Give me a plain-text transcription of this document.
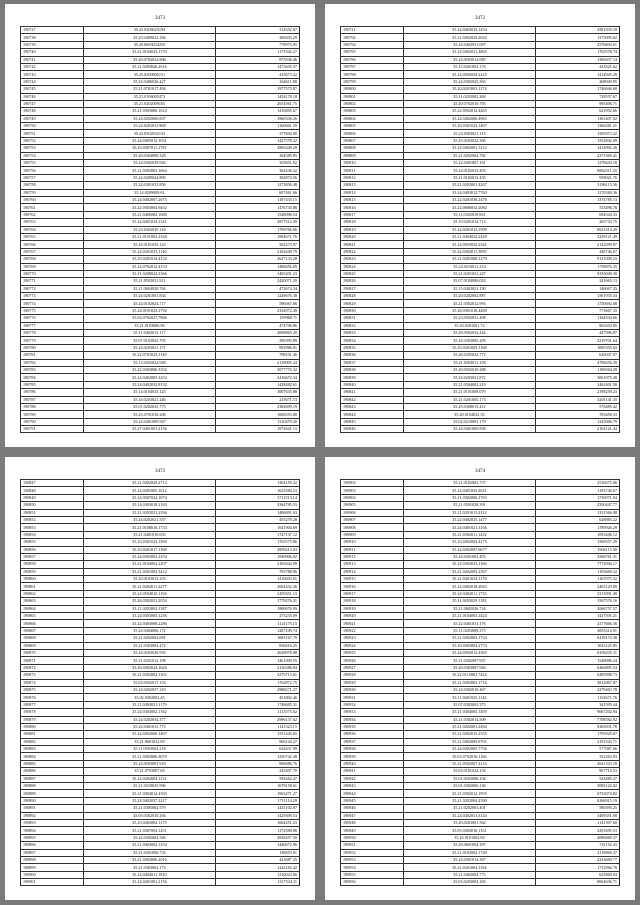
3473
190727	35.22.0206025194	314552.67
190738	35.25.0409022.356	369203.29
190739	35.20.0603034255	778975.95
190740	35.21.0104033.1753	1175342.27
190741	35.20.0702022.806	875536.46
190742	35.21.0203026.2616	1475635.37
190743	35.25.0209005151	435673.22
190744	35.24.0406026.427	264611.88
190745	35.21.0701017.494	1977575.87
190746	35.21.0106005473	1454178.18
190747	35.21.0202009165	2654561.75
190748	35.21.0303006.1614	1416695.67
190749	35.24.0202006.837	1960336.26
190750	35.22.0201011.968	1160661.39
190751	35.22.0302032133	377694.90
190752	35.24.0405012.1031	1427578.22
190753	35.23.0407011.2781	2865449.29
190754	35.20.0304008.328	304585.85
190755	35.24.0302029.926	355651.92
190756	35.21.0302003.1664	364436.22
190757	35.24.0209024.895	302874.56
190758	35.24.0301033.856	1273856.48
190759	35.14.0209009.61	607461.66
190760	35.24.0402007.2673	1187435.15
190761	35.22.0303004.9452	1476735.86
190762	35.21.0406002.1680	1548096.54
190763	35.24.0401034.1341	2877512.39
190764	35.23.0302010.116	1700766.66
190765	35.21.0101002.2328	1964671.76
190766	35.24.0101035.123	502273.97
190767	35.24.0201033.1140	2163440.79
190768	35.25.0201014.4132	2627133.28
190769	35.24.0702012.4153	1486656.69
190770	35.21.0208024.2366	1465201.23
190771	35.21.0502031.811	2420071.20
190772	35.21.0604020.764	472674.34
190773	35.24.0201001.834	1249676.38
190774	35.24.0102024.717	596567.66
190775	35.24.0101023.2792	2334972.49
190776	35.03.0702027.7866	159968.71
190777	35.21.0103006.96	474706.86
190778	35.11.0402013.117	2698865.20
190779	35.07.0103025.793	290395.89
190780	35.24.0203021.171	992986.81
190781	35.22.0701023.1149	798101.46
190782	35.13.0202022.928	2138905.24
190783	35.22.0303006.3352	3077770.32
190784	35.24.0402005.3254	2416672.34
190785	35.24.0402032.8132	1428482.61
190786	35.14.0104033.125	1007635.88
190787	35.24.0203021.246	215671.13
190788	35.01.0202035.775	2382699.19
190789	35.25.0701016.206	1006555.80
190790	35.24.0401009.947	1310479.20
190791	35.27.0401001.2156	1972641.13
3472
190721	35.24.0403033.1454	4581035.18
190792	35.21.0202025.2022	1375095.02
190794	35.24.0402031.097	2576694.61
190795	35.24.0402031.4865	1763578.74
190796	35.24.0503014.085	1309437.14
190797	35.15.0201002.176	443525.62
190798	35.24.0502034.2425	1414945.29
190799	35.24.0302025.363	268949.85
190800	35.20.0201003.1174	1746646.68
190801	35.11.0203002.268	728557.67
190802	35.20.0702010.795	995406.71
190803	35.22.0502012.4465	621952.66
190804	35.24.0402006.4963	1361407.02
190805	35.20.0301023.1467	1366281.21
190806	35.24.0303021.115	1505973.22
190807	35.25.0203022.366	1552842.09
190808	35.24.0402001.1212	1414992.26
190809	35.21.0202004.782	2375369.41
190810	35.22.0401007.161	1278443.18
190811	35.24.0102033.493	8862511.25
190812	35.21.0102012.435	958021.76
190813	35.21.0202001.4267	3186115.36
190814	35.24.0403012.7763	1270584.36
190815	35.22.0201030.2478	1374785.13
190816	35.22.0606032.2082	533496.76
190817	35.11.0302019.691	694544.33
190818	35.10.0201014.714	265733.75
190819	35.24.0201012.1999	8621414.29
190820	35.21.0404032.2428	2259121.49
190821	35.24.0503032.2341	2142599.97
190822	35.22.0302011.3095	448746.67
190823	35.21.0201008.2279	9121009.23
190824	35.24.0210011.233	1758976.35
190825	35.21.0201021.247	9335049.30
190826	35.07.0104006.024	241665.13
190827	35.15.0402021.130	146067.25
190828	35.20.0202002.887	1561935.34
190829	35.21.0502012.993	1750692.08
190830	35.26.0301010.4480	773667.33
190831	35.23.0502031.498	1164534.66
190832	35.23.0201001.72	963454.85
190833	35.26.0502032.442	447596.87
190834	35.24.0303005.295	2219701.64
190835	35.25.0201003.1168	1085355.63
190836	35.26.0205022.772	620047.97
190837	35.21.0203011.158	4796656.39
190838	35.20.0502010.288	1196564.28
190839	35.24.0203031.872	3061075.28
190840	35.21.0504002.219	2462401.58
190841	35.21.0101008.079	2198259.23
190842	35.21.0201005.173	3201141.35
190843	35.25.0308013.412	576485.42
190844	35.20.0104032.35	703458.33
190845	35.02.0210001.179	1245006.79
190846	35.24.0401009.858	2164121.44
3473
190847	35.21.0202025.2714	1364150.22
190848	35.24.0201005.1612	1625584.53
190849	35.24.0507024.1074	3711513.14
190850	35.14.0303018.2163	3364785.53
190851	35.21.0203021.2356	1486691.63
190852	35.24.0202021.557	455278.28
190853	35.21.0108010.1733	1641904.69
190854	35.21.0401010.693	1747137.12
190855	35.23.0301023.1594	1763575.86
190856	35.23.0201017.1168	4959213.03
190857	35.24.0303002.2254	1930906.02
190858	35.21.0104002.2207	2165444.09
190859	35.21.0201002.3412	703788.96
190860	35.20.0103013.235	1416603.01
190861	35.21.0202011.2277	2664432.26
190862	35.24.0504010.1194	2459351.13
190863	35.26.0302021.2054	1779276.21
190864	35.21.0203002.1387	1880676.09
190865	35.24.0303005.1236	273235.09
190866	35.22.0403008.2286	1121175.15
190867	35.24.0404006.172	1287109.74
190868	35.21.0202002.681	1683167.79
190869	35.21.0303004.472	836616.25
190870	35.24.0203026.935	2628978.08
190871	35.21.0201012.198	1461009.55
190872	35.20.0302024.1626	2136386.84
190873	35.21.0302002.1162	2279713.61
190874	35.03.0502017.133	1762872.75
190875	35.24.0202037.210	2988271.27
190876	35.02.0302002.45	451802.46
190877	35.21.0404021.1179	1748685.31
190878	35.24.0303002.1362	1113575.62
190879	35.24.0202034.377	2996137.62
190880	35.24.0401015.773	1141323.15
190881	35.24.0202006.1467	1551445.65
190882	35.21.0601022.69	966144.27
190883	35.11.0503004.218	632637.99
190884	35.21.0302006.3670	1256742.48
190885	35.24.0503001.918	996086.76
190886	35.21.0703007.65	245407.70
190887	35.24.0202004.1131	594264.47
190888	35.21.0210025.996	1679158.61
190889	35.21.0304014.4393	1963471.27
190890	35.24.0402037.2217	1711114.29
190891	35.21.0305002.579	1435102.87
190892	35.03.0302010.294	1429309.53
190893	35.23.0402004.1175	1664251.23
190894	35.21.0307004.1451	1372588.86
190895	35.22.0302004.526	3838457.50
190896	35.21.0403002.1254	1446672.96
190897	35.21.0201006.733	138853.61
190898	35.21.0302006.2016	423687.25
190899	35.21.0303002.173	1242165.42
190900	35.24.0404011.1810	1210023.06
190901	35.24.0201001.2156	1317524.11
3474
190902	35.21.0102003.737	2516675.06
190903	35.24.0401033.2021	1193746.67
190904	35.21.0302006.2763	1736971.04
190905	35.21.0501028.391	2350447.77
190906	35.21.0201013.4112	1331566.08
190907	35.22.0402025.1477	628883.22
190908	35.24.0401021.3166	1789926.29
190909	35.21.0302011.1432	1093446.12
190910	35.23.0202003.4175	1568357.29
190911	35.24.0302007.6677	1904115.30
190912	35.24.0201002.455	3568761.31
190913	35.24.0302033.1166	7772094.17
190914	35.21.0202003.2367	1103669.32
190915	35.21.0401024.1176	1167075.32
190916	35.24.0402018.2043	2465129.89
190917	35.24.0402011.1735	3313991.49
190918	35.11.0203029.1183	1567576.16
190919	35.21.0602026.724	2066757.57
190920	35.21.0104003.2424	1417501.21
190921	35.22.0401031.176	2377666.36
190922	35.11.0203009.375	3053314.91
190923	35.21.0302003.1734	6419172.38
190924	35.10.0303004.2774	1025125.85
190925	35.24.0502012.4365	6192235.11
190926	35.21.0302007.937	1548096.24
190927	35.20.0303007.926	6466895.54
190928	35.22.0110001.7424	6285998.73
190929	35.21.0302003.1716	3812067.87
190930	35.24.0302010.467	2279463.78
190931	35.11.0401025.1142	1154671.76
190932	35.07.0302002.375	341595.44
190933	35.21.0304005.1495	9667202.94
190934	35.21.0302014.509	7708582.92
190935	35.21.0202001.2464	9365031.78
190936	35.21.0302015.2335	1795925.67
190937	35.21.0402005.6701	2191543.71
190938	35.24.0202005.7756	577087.66
190939	35.02.0702016.1166	332263.93
190940	35.21.0502007.4114	2641323.18
190941	35.03.0101024.134	967714.53
190942	35.01.0203006.104	543485.27
190943	35.01.0302006.136	3085122.02
190944	35.21.0302012.1955	6753074.82
190945	35.21.0202004.4590	6266915.19
190946	35.21.0202003.401	580395.25
190947	35.24.0402031.3144	3409351.00
190948	35.20.0203001.562	1141307.60
190949	35.05.0302016.1351	2291695.53
190950	35.16.0101002.93	4086669.37
190951	35.26.0601004.397	741152.43
190952	35.21.0102002.1749	2118860.47
190953	35.24.0301014.367	2333669.77
190954	35.21.0201004.1194	1732966.76
190955	35.21.0402004.775	625860.04
190956	35.03.0203004.165	8064636.71
